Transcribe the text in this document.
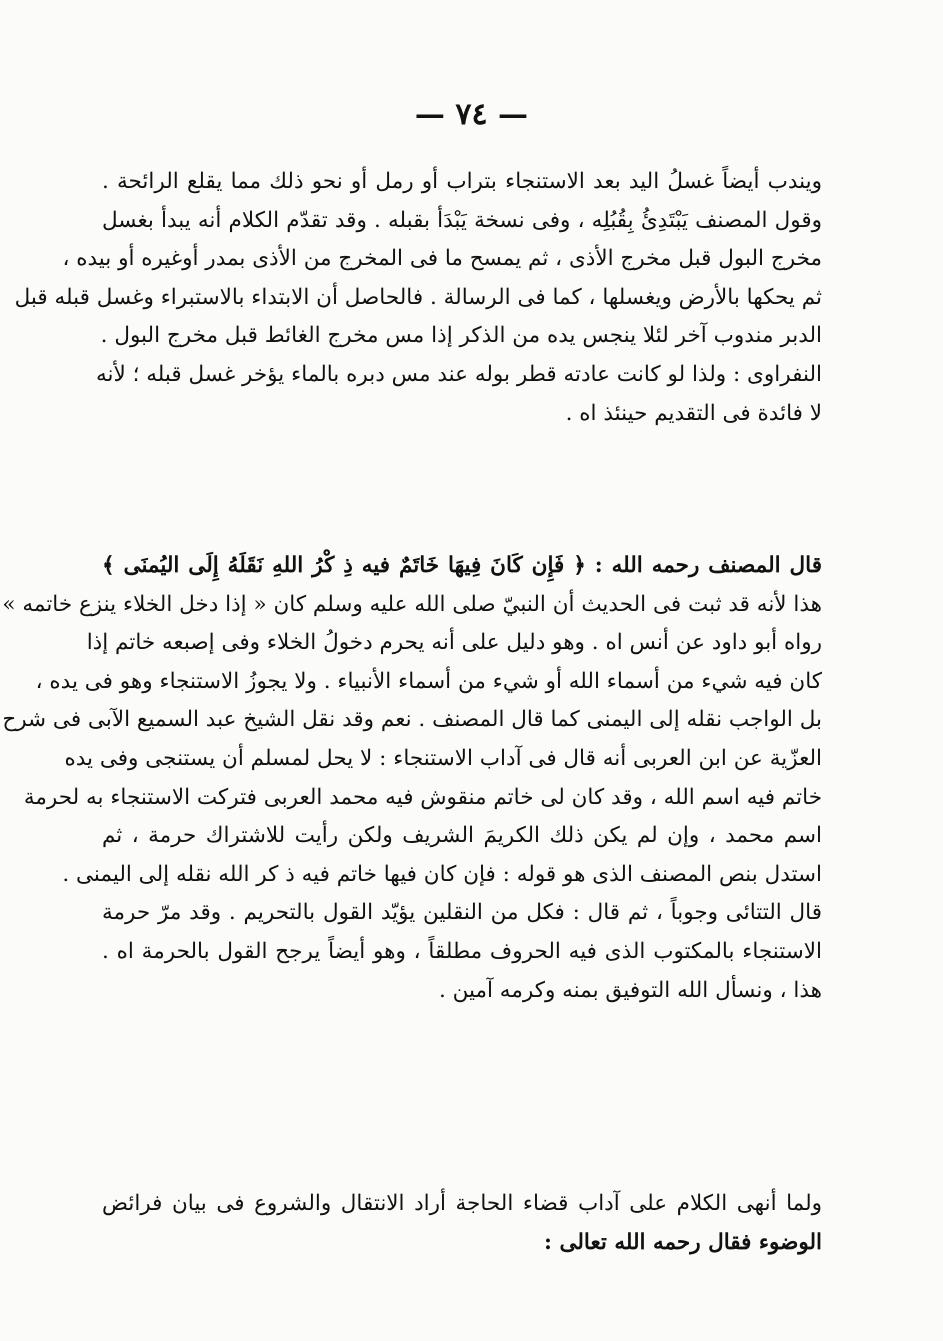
— ٧٤ —
ويندب أيضاً غسلُ اليد بعد الاستنجاء بتراب أو رمل أو نحو ذلك مما يقلع الرائحة .
وقول المصنف يَبْتَدِئُ بِقُبُلِه ، وفى نسخة يَبْدَأ بقبله . وقد تقدّم الكلام أنه يبدأ بغسل
مخرج البول قبل مخرج الأذى ، ثم يمسح ما فى المخرج من الأذى بمدر أوغيره أو بيده ،
ثم يحكها بالأرض ويغسلها ، كما فى الرسالة . فالحاصل أن الابتداء بالاستبراء وغسل قبله قبل
الدبر مندوب آخر لئلا ينجس يده من الذكر إذا مس مخرج الغائط قبل مخرج البول .
النفراوى : ولذا لو كانت عادته قطر بوله عند مس دبره بالماء يؤخر غسل قبله ؛ لأنه
لا فائدة فى التقديم حينئذ اه .
قال المصنف رحمه الله : ﴿ فَإِن كَانَ فِيهَا خَاتَمٌ فيه ذِ كْرُ اللهِ نَقَلَهُ إِلَى اليُمنَى ﴾
هذا لأنه قد ثبت فى الحديث أن النبيّ صلى الله عليه وسلم كان « إذا دخل الخلاء ينزع خاتمه »
رواه أبو داود عن أنس اه . وهو دليل على أنه يحرم دخولُ الخلاء وفى إصبعه خاتم إذا
كان فيه شيء من أسماء الله أو شيء من أسماء الأنبياء . ولا يجوزُ الاستنجاء وهو فى يده ،
بل الواجب نقله إلى اليمنى كما قال المصنف . نعم وقد نقل الشيخ عبد السميع الآبى فى شرح
العزّية عن ابن العربى أنه قال فى آداب الاستنجاء : لا يحل لمسلم أن يستنجى وفى يده
خاتم فيه اسم الله ، وقد كان لى خاتم منقوش فيه محمد العربى فتركت الاستنجاء به لحرمة
اسم محمد ، وإن لم يكن ذلك الكريمَ الشريف ولكن رأيت للاشتراك حرمة ، ثم
استدل بنص المصنف الذى هو قوله : فإن كان فيها خاتم فيه ذ كر الله نقله إلى اليمنى .
قال التتائى وجوباً ، ثم قال : فكل من النقلين يؤيّد القول بالتحريم . وقد مرّ حرمة
الاستنجاء بالمكتوب الذى فيه الحروف مطلقاً ، وهو أيضاً يرجح القول بالحرمة اه .
هذا ، ونسأل الله التوفيق بمنه وكرمه آمين .
ولما أنهى الكلام على آداب قضاء الحاجة أراد الانتقال والشروع فى بيان فرائض
الوضوء فقال رحمه الله تعالى :
